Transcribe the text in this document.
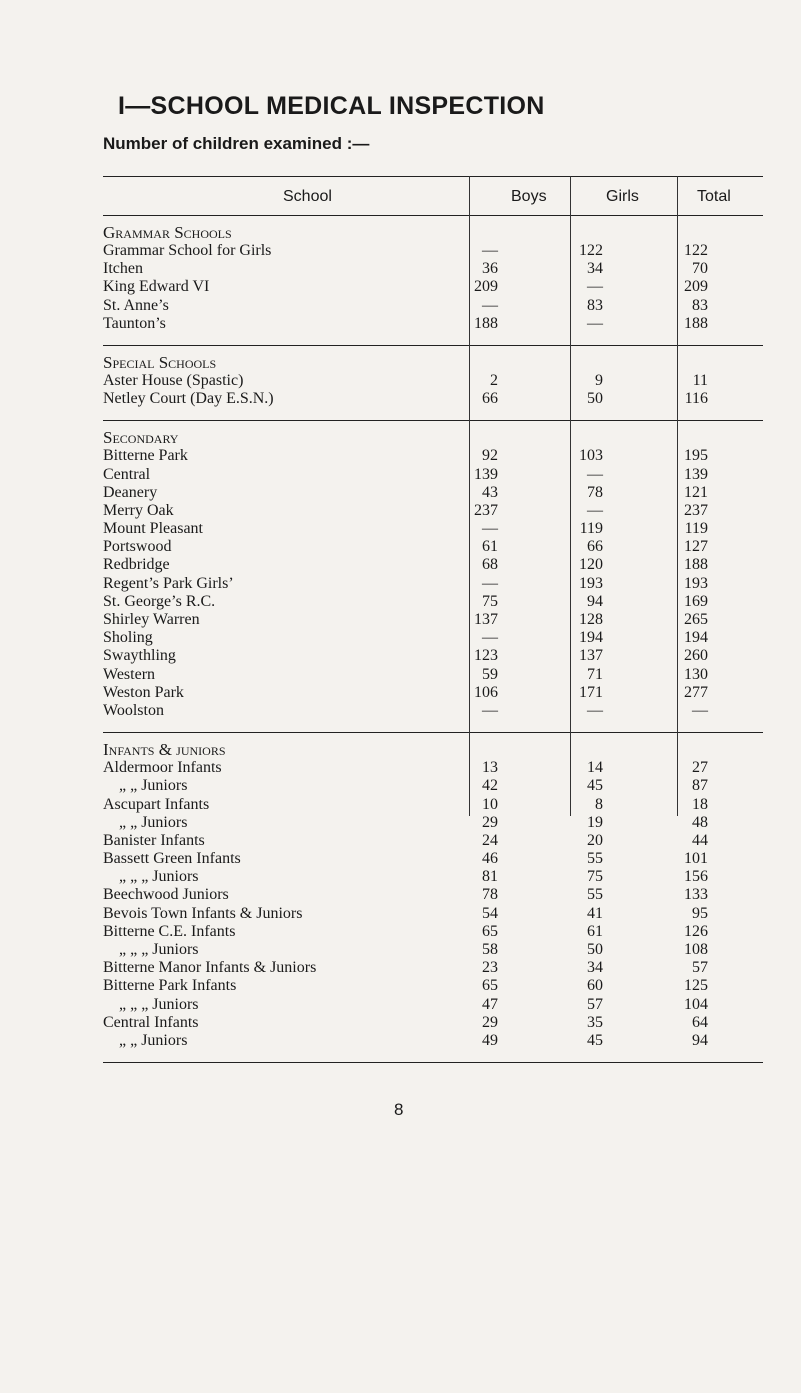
I—SCHOOL MEDICAL INSPECTION
Number of children examined :—
School	Boys	Girls	Total
Grammar Schools
Grammar School for Girls	—	122	122
Itchen	36	34	70
King Edward VI	209	—	209
St. Anne’s	—	83	83
Taunton’s	188	—	188
Special Schools
Aster House (Spastic)	2	9	11
Netley Court (Day E.S.N.)	66	50	116
Secondary
Bitterne Park	92	103	195
Central	139	—	139
Deanery	43	78	121
Merry Oak	237	—	237
Mount Pleasant	—	119	119
Portswood	61	66	127
Redbridge	68	120	188
Regent’s Park Girls’	—	193	193
St. George’s R.C.	75	94	169
Shirley Warren	137	128	265
Sholing	—	194	194
Swaythling	123	137	260
Western	59	71	130
Weston Park	106	171	277
Woolston	—	—	—
Infants & juniors
Aldermoor Infants	13	14	27
„ „ Juniors	42	45	87
Ascupart Infants	10	8	18
„ „ Juniors	29	19	48
Banister Infants	24	20	44
Bassett Green Infants	46	55	101
„ „ „ Juniors	81	75	156
Beechwood Juniors	78	55	133
Bevois Town Infants & Juniors	54	41	95
Bitterne C.E. Infants	65	61	126
„ „ „ Juniors	58	50	108
Bitterne Manor Infants & Juniors	23	34	57
Bitterne Park Infants	65	60	125
„ „ „ Juniors	47	57	104
Central Infants	29	35	64
„ „ Juniors	49	45	94
8
